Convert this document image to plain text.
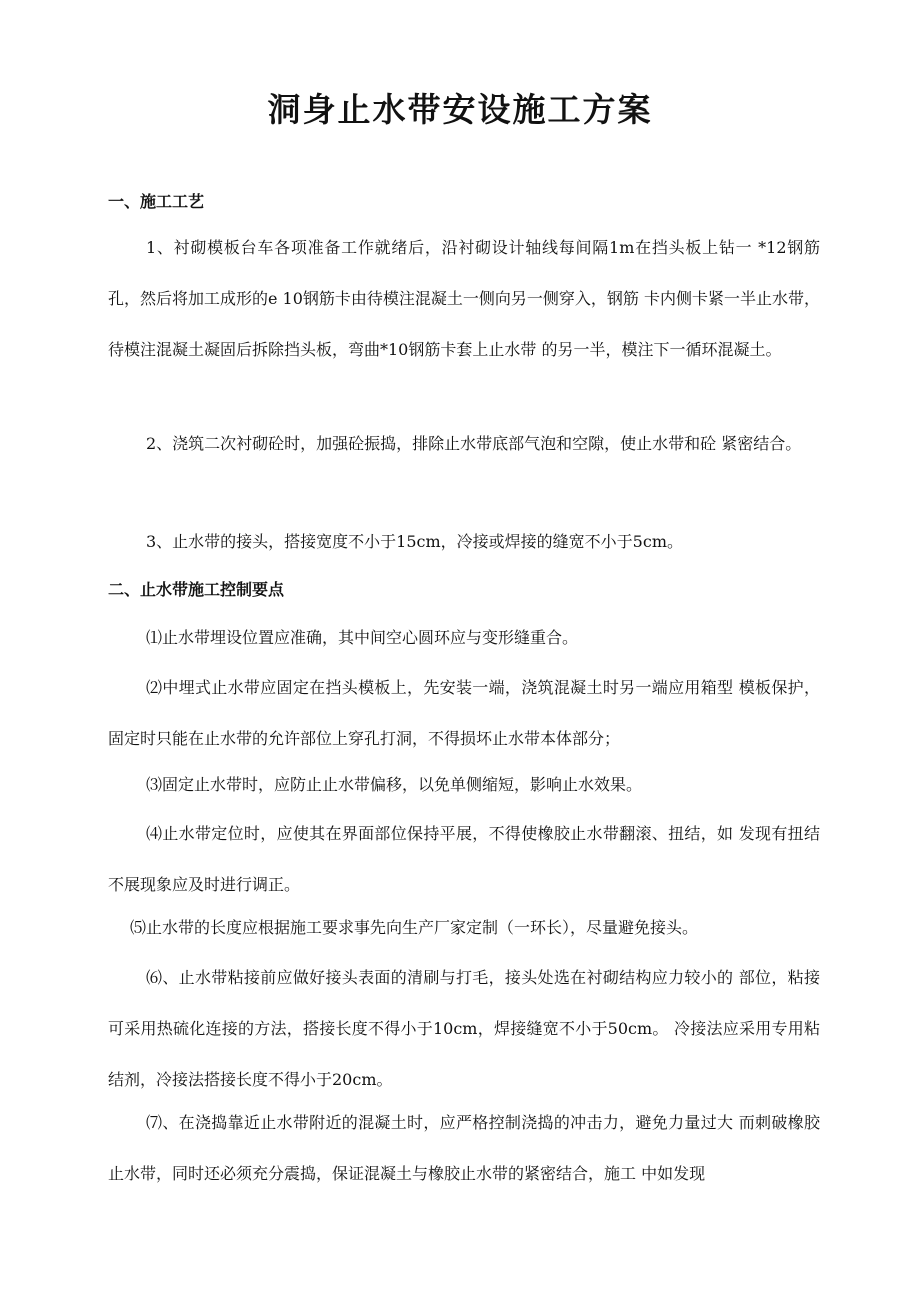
洞身止水带安设施工方案
一、施工工艺

1、衬砌模板台车各项准备工作就绪后，沿衬砌设计轴线每间隔1m在挡头板上钻一 *12钢筋孔，然后将加工成形的e 10钢筋卡由待模注混凝土一侧向另一侧穿入，钢筋 卡内侧卡紧一半止水带，待模注混凝土凝固后拆除挡头板，弯曲*10钢筋卡套上止水带 的另一半，模注下一循环混凝土。

2、浇筑二次衬砌砼时，加强砼振捣，排除止水带底部气泡和空隙，使止水带和砼 紧密结合。

3、止水带的接头，搭接宽度不小于15cm，冷接或焊接的缝宽不小于5cm。

二、止水带施工控制要点

⑴止水带埋设位置应准确，其中间空心圆环应与变形缝重合。

⑵中埋式止水带应固定在挡头模板上，先安装一端，浇筑混凝土时另一端应用箱型 模板保护，固定时只能在止水带的允许部位上穿孔打洞，不得损坏止水带本体部分；

⑶固定止水带时，应防止止水带偏移，以免单侧缩短，影响止水效果。

⑷止水带定位时，应使其在界面部位保持平展，不得使橡胶止水带翻滚、扭结，如 发现有扭结不展现象应及时进行调正。

⑸止水带的长度应根据施工要求事先向生产厂家定制（一环长），尽量避免接头。

⑹、止水带粘接前应做好接头表面的清刷与打毛，接头处选在衬砌结构应力较小的 部位，粘接可采用热硫化连接的方法，搭接长度不得小于10cm，焊接缝宽不小于50cm。 冷接法应采用专用粘结剂，冷接法搭接长度不得小于20cm。

⑺、在浇捣靠近止水带附近的混凝土时，应严格控制浇捣的冲击力，避免力量过大 而刺破橡胶止水带，同时还必须充分震捣，保证混凝土与橡胶止水带的紧密结合，施工 中如发现
